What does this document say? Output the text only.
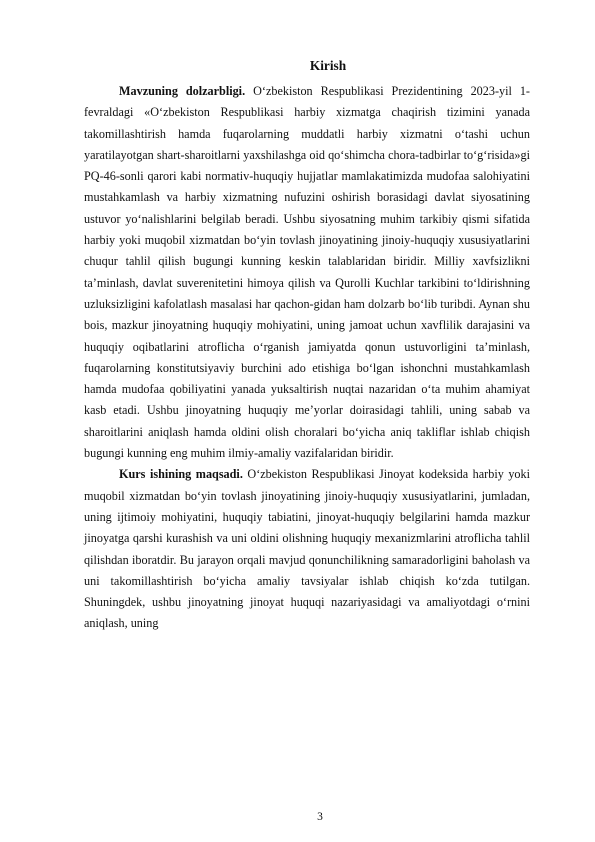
Kirish

Mavzuning dolzarbligi. O‘zbekiston Respublikasi Prezidentining 2023-yil 1-fevraldagi «O‘zbekiston Respublikasi harbiy xizmatga chaqirish tizimini yanada takomillashtirish hamda fuqarolarning muddatli harbiy xizmatni o‘tashi uchun yaratilayotgan shart-sharoitlarni yaxshilashga oid qo‘shimcha chora-tadbirlar to‘g‘risida»gi PQ-46-sonli qarori kabi normativ-huquqiy hujjatlar mamlakatimizda mudofaa salohiyatini mustahkamlash va harbiy xizmatning nufuzini oshirish borasidagi davlat siyosatining ustuvor yo‘nalishlarini belgilab beradi. Ushbu siyosatning muhim tarkibiy qismi sifatida harbiy yoki muqobil xizmatdan bo‘yin tovlash jinoyatining jinoiy-huquqiy xususiyatlarini chuqur tahlil qilish bugungi kunning keskin talablaridan biridir. Milliy xavfsizlikni ta’minlash, davlat suverenitetini himoya qilish va Qurolli Kuchlar tarkibini to‘ldirishning uzluksizligini kafolatlash masalasi har qachon-gidan ham dolzarb bo‘lib turibdi. Aynan shu bois, mazkur jinoyatning huquqiy mohiyatini, uning jamoat uchun xavflilik darajasini va huquqiy oqibatlarini atroflicha o‘rganish jamiyatda qonun ustuvorligini ta’minlash, fuqarolarning konstitutsiyaviy burchini ado etishiga bo‘lgan ishonchni mustahkamlash hamda mudofaa qobiliyatini yanada yuksaltirish nuqtai nazaridan o‘ta muhim ahamiyat kasb etadi. Ushbu jinoyatning huquqiy me’yorlar doirasidagi tahlili, uning sabab va sharoitlarini aniqlash hamda oldini olish choralari bo‘yicha aniq takliflar ishlab chiqish bugungi kunning eng muhim ilmiy-amaliy vazifalaridan biridir.

Kurs ishining maqsadi. O‘zbekiston Respublikasi Jinoyat kodeksida harbiy yoki muqobil xizmatdan bo‘yin tovlash jinoyatining jinoiy-huquqiy xususiyatlarini, jumladan, uning ijtimoiy mohiyatini, huquqiy tabiatini, jinoyat-huquqiy belgilarini hamda mazkur jinoyatga qarshi kurashish va uni oldini olishning huquqiy mexanizmlarini atroflicha tahlil qilishdan iboratdir. Bu jarayon orqali mavjud qonunchilikning samaradorligini baholash va uni takomillashtirish bo‘yicha amaliy tavsiyalar ishlab chiqish ko‘zda tutilgan. Shuningdek, ushbu jinoyatning jinoyat huquqi nazariyasidagi va amaliyotdagi o‘rnini aniqlash, uning

3
